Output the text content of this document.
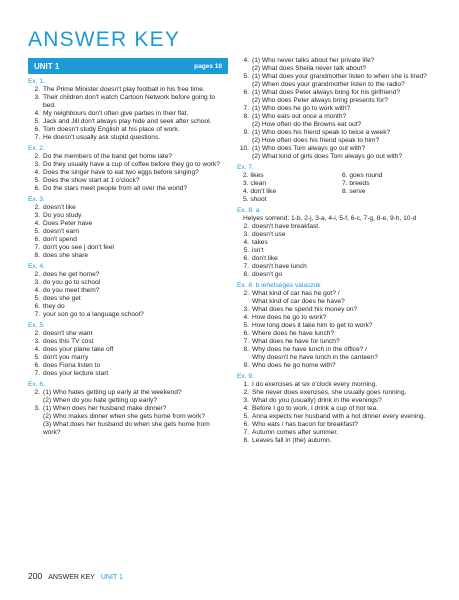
ANSWER KEY
UNIT 1	pages 10
Ex. 1.
2. The Prime Minister doesn't play football in his free time.
3. Their children don't watch Cartoon Network before going to bed.
4. My neighbours don't often give parties in their flat.
5. Jack and Jill don't always play hide and seek after school.
6. Tom doesn't study English at his place of work.
7. He doesn't usually ask stupid questions.
Ex. 2.
2. Do the members of the band get home late?
3. Do they usually have a cup of coffee before they go to work?
4. Does the singer have to eat two eggs before singing?
5. Does the show start at 1 o'clock?
6. Do the stars meet people from all over the world?
Ex. 3.
2. doesn't like
3. Do you study
4. Does Peter have
5. doesn't earn
6. don't spend
7. don't you see | don't feel
8. does she share
Ex. 4.
2. does he get home?
3. do you go to school
4. do you meet them?
5. does she get
6. they do
7. your son go to a language school?
Ex. 5.
2. doesn't she want
3. does this TV cost
4. does your plane take off
5. don't you marry
6. does Fiona listen to
7. does your lecture start
Ex. 6.
2. (1) Who hates getting up early at the weekend?
(2) When do you hate getting up early?
3. (1) When does her husband make dinner?
(2) Who makes dinner when she gets home from work?
(3) What does her husband do when she gets home from work?
4. (1) Who never talks about her private life?
(2) What does Sheila never talk about?
5. (1) What does your grandmother listen to when she is tired?
(2) When does your grandmother listen to the radio?
6. (1) What does Peter always bring for his girlfriend?
(2) Who does Peter always bring presents for?
7. (1) Who does he go to work with?
8. (1) Who eats out once a month?
(2) How often do the Browns eat out?
9. (1) Who does his friend speak to twice a week?
(2) How often does his friend speak to him?
10. (1) Who does Tom always go out with?
(2) What kind of girls does Tom always go out with?
Ex. 7.
2. likes	6. goes round
3. clean	7. breeds
4. don't like	8. serve
5. shoot
Ex. 8. a
Helyes sorrend: 1-b, 2-j, 3-a, 4-i, 5-f, 6-c, 7-g, 8-e, 9-h, 10-d
2. doesn't have breakfast.
3. doesn't use
4. takes
5. isn't
6. don't like
7. doesn't have lunch
8. doesn't go
Ex. 8. b lehetséges válaszok
2. What kind of car has he got? /
What kind of car does he have?
3. What does he spend his money on?
4. How does he go to work?
5. How long does it take him to get to work?
6. Where does he have lunch?
7. What does he have for lunch?
8. Why does he have lunch in the office? /
Why doesn't he have lunch in the canteen?
9. Who does he go home with?
Ex. 9.
1. I do exercises at six o'clock every morning.
2. She never does exercises, she usually goes running.
3. What do you (usually) drink in the evenings?
4. Before I go to work, I drink a cup of hot tea.
5. Anna expects her husband with a hot dinner every evening.
6. Who eats / has bacon for breakfast?
7. Autumn comes after summer.
8. Leaves fall in (the) autumn.
200 ANSWER KEY UNIT 1
